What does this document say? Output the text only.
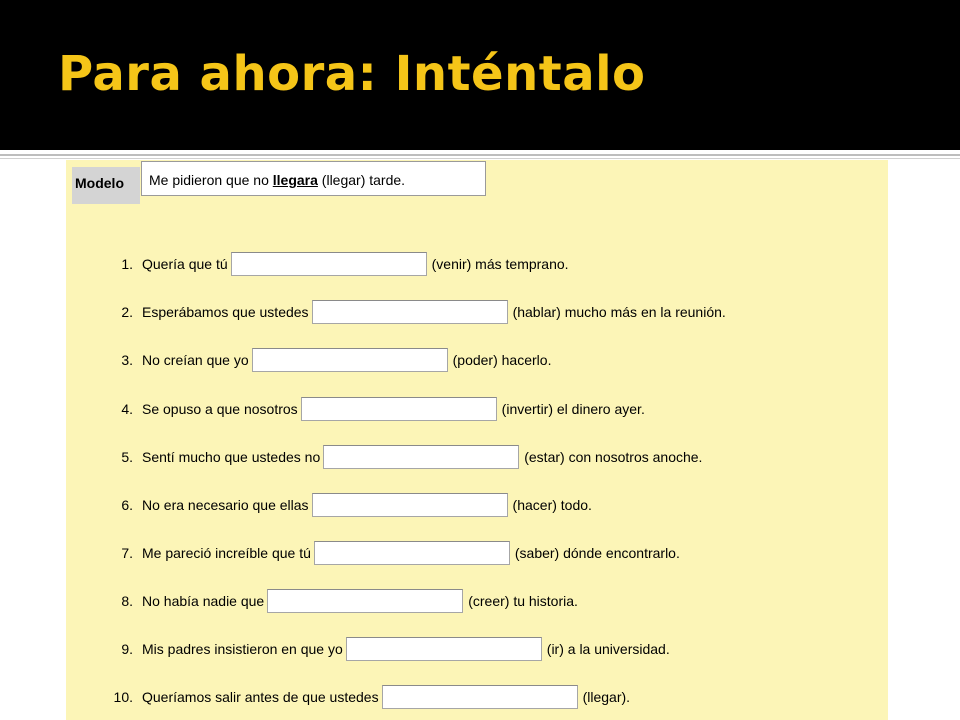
Para ahora: Inténtalo
Modelo	Me pidieron que no llegara (llegar) tarde.
1. Quería que tú	(venir) más temprano.
2. Esperábamos que ustedes	(hablar) mucho más en la reunión.
3. No creían que yo	(poder) hacerlo.
4. Se opuso a que nosotros	(invertir) el dinero ayer.
5. Sentí mucho que ustedes no	(estar) con nosotros anoche.
6. No era necesario que ellas	(hacer) todo.
7. Me pareció increíble que tú	(saber) dónde encontrarlo.
8. No había nadie que	(creer) tu historia.
9. Mis padres insistieron en que yo	(ir) a la universidad.
10. Queríamos salir antes de que ustedes	(llegar).
